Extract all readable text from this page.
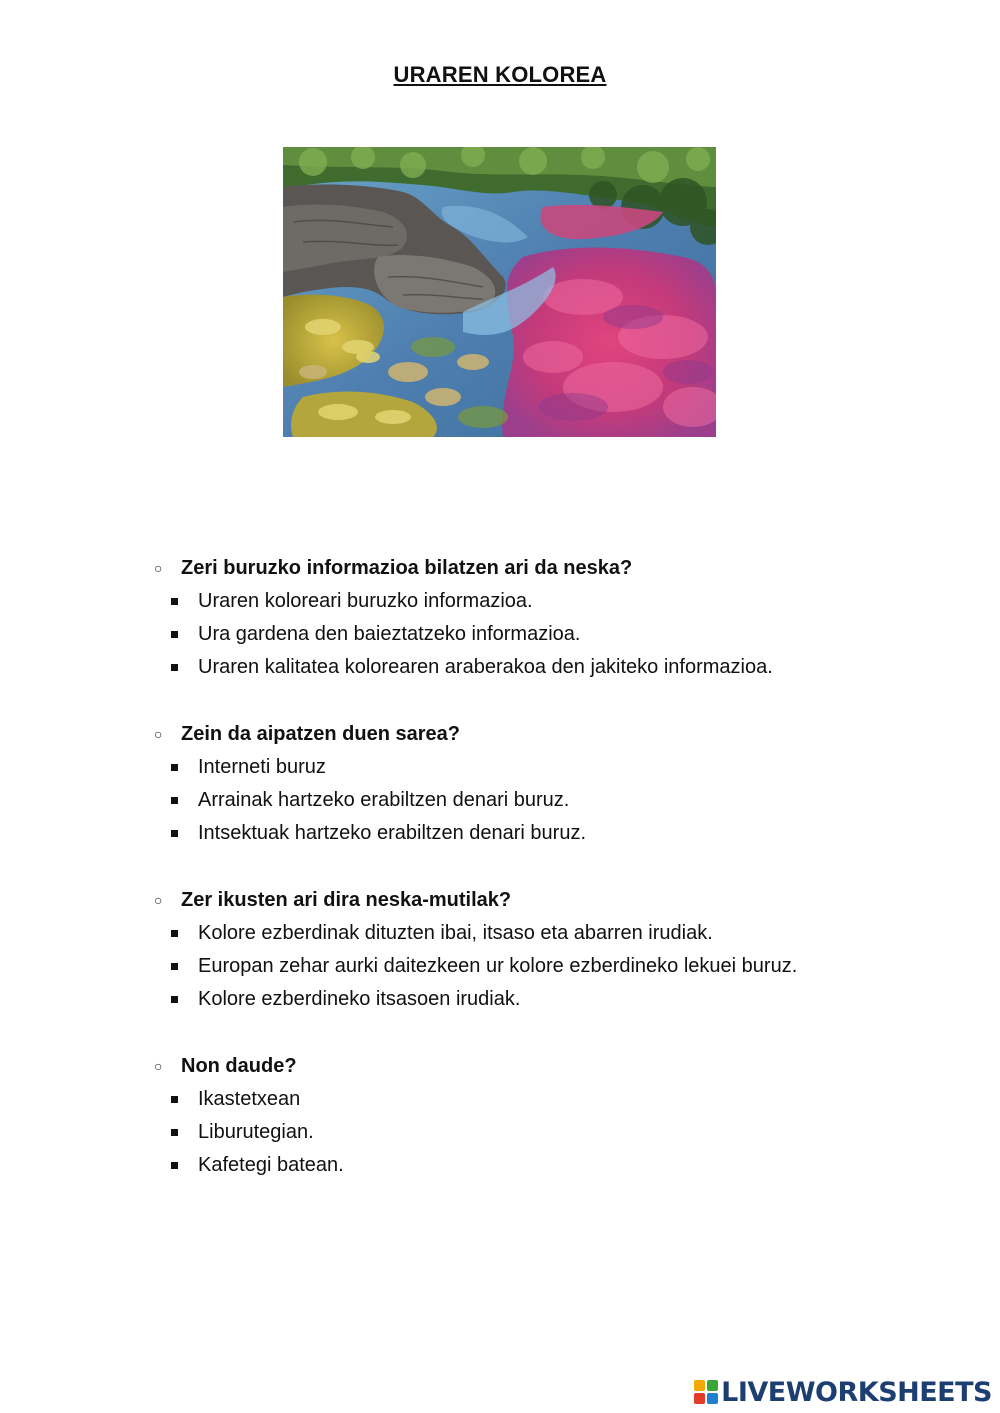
URAREN KOLOREA
○ Zeri buruzko informazioa bilatzen ari da neska?
Uraren koloreari buruzko informazioa.
Ura gardena den baieztatzeko informazioa.
Uraren kalitatea kolorearen araberakoa den jakiteko informazioa.
○ Zein da aipatzen duen sarea?
Interneti buruz
Arrainak hartzeko erabiltzen denari buruz.
Intsektuak hartzeko erabiltzen denari buruz.
○ Zer ikusten ari dira neska-mutilak?
Kolore ezberdinak dituzten ibai, itsaso eta abarren irudiak.
Europan zehar aurki daitezkeen ur kolore ezberdineko lekuei buruz.
Kolore ezberdineko itsasoen irudiak.
○ Non daude?
Ikastetxean
Liburutegian.
Kafetegi batean.
LIVEWORKSHEETS
